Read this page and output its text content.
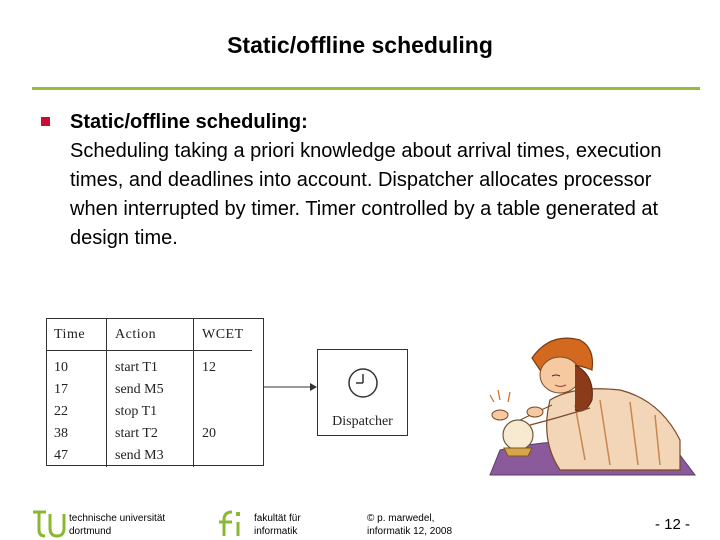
Static/offline scheduling
Static/offline scheduling:
Scheduling taking a priori knowledge about arrival times, execution times, and deadlines into account. Dispatcher allocates processor when interrupted by timer. Timer controlled by a table generated at design time.
Time	Action	WCET
10	start T1	12
17	send M5	
22	stop T1	
38	start T2	20
47	send M3	
Dispatcher
technische universität
dortmund
fakultät für
informatik
© p. marwedel,
informatik 12, 2008	- 12 -
